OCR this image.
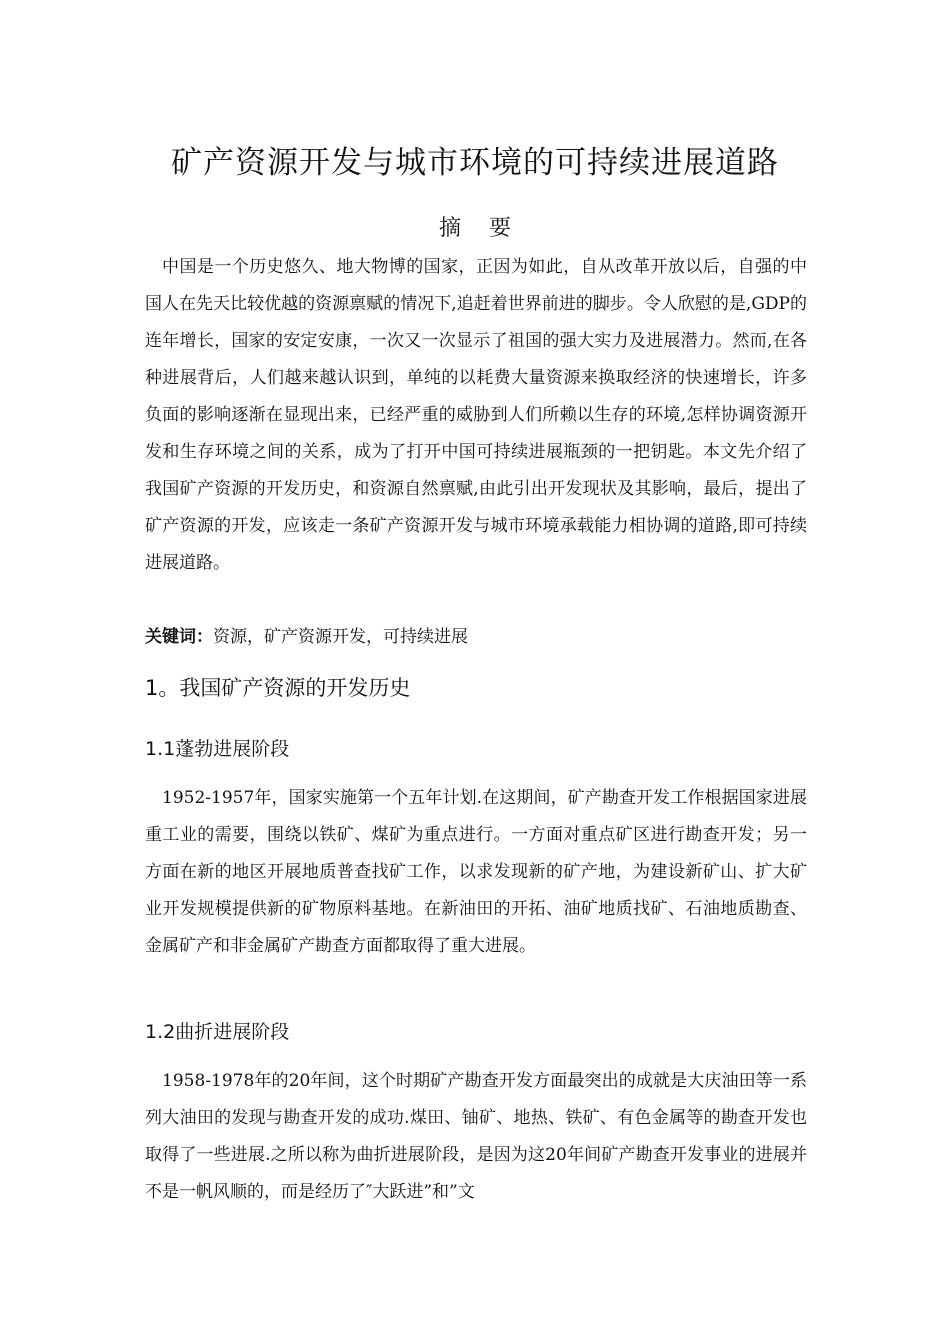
矿产资源开发与城市环境的可持续进展道路
摘要

中国是一个历史悠久、地大物博的国家，正因为如此，自从改革开放以后，自强的中国人在先天比较优越的资源禀赋的情况下,追赶着世界前进的脚步。令人欣慰的是,GDP的连年增长，国家的安定安康，一次又一次显示了祖国的强大实力及进展潜力。然而,在各种进展背后，人们越来越认识到，单纯的以耗费大量资源来换取经济的快速增长，许多负面的影响逐渐在显现出来，已经严重的威胁到人们所赖以生存的环境,怎样协调资源开发和生存环境之间的关系，成为了打开中国可持续进展瓶颈的一把钥匙。本文先介绍了我国矿产资源的开发历史，和资源自然禀赋,由此引出开发现状及其影响，最后，提出了矿产资源的开发，应该走一条矿产资源开发与城市环境承载能力相协调的道路,即可持续进展道路。

关键词：资源，矿产资源开发，可持续进展

1。我国矿产资源的开发历史
1.1蓬勃进展阶段

1952-1957年，国家实施第一个五年计划.在这期间，矿产勘查开发工作根据国家进展重工业的需要，围绕以铁矿、煤矿为重点进行。一方面对重点矿区进行勘查开发；另一方面在新的地区开展地质普查找矿工作，以求发现新的矿产地，为建设新矿山、扩大矿业开发规模提供新的矿物原料基地。在新油田的开拓、油矿地质找矿、石油地质勘查、金属矿产和非金属矿产勘查方面都取得了重大进展。

1.2曲折进展阶段

1958-1978年的20年间，这个时期矿产勘查开发方面最突出的成就是大庆油田等一系列大油田的发现与勘查开发的成功.煤田、铀矿、地热、铁矿、有色金属等的勘查开发也取得了一些进展.之所以称为曲折进展阶段，是因为这20年间矿产勘查开发事业的进展并不是一帆风顺的，而是经历了″大跃进”和”文
